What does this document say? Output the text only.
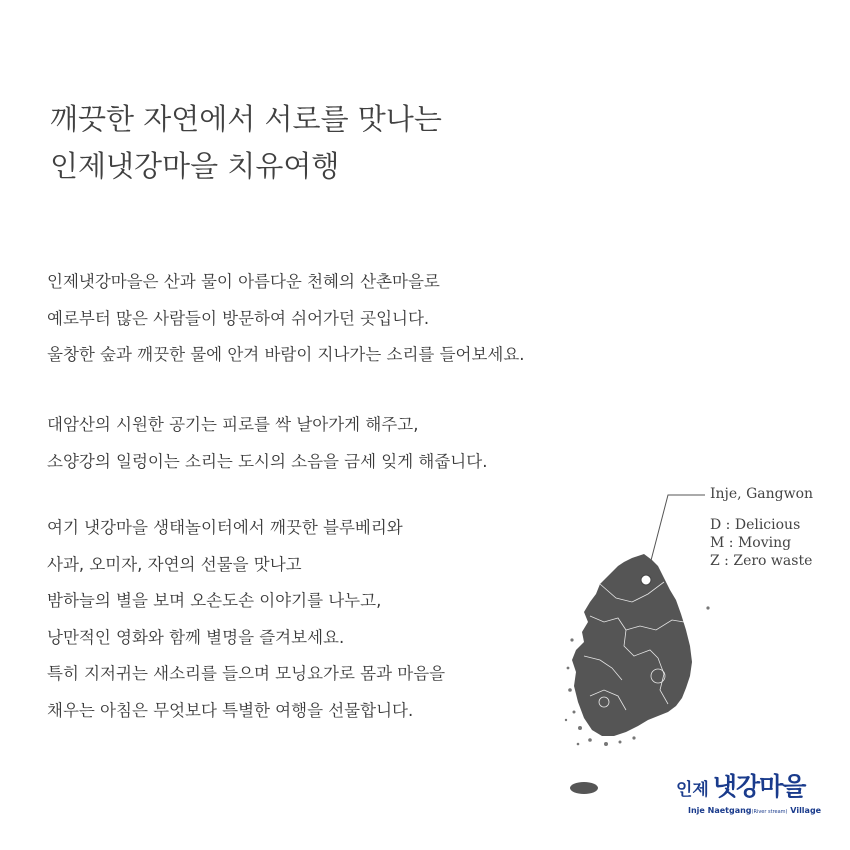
깨끗한 자연에서 서로를 맛나는
인제냇강마을 치유여행

인제냇강마을은 산과 물이 아름다운 천혜의 산촌마을로
예로부터 많은 사람들이 방문하여 쉬어가던 곳입니다.
울창한 숲과 깨끗한 물에 안겨 바람이 지나가는 소리를 들어보세요.

대암산의 시원한 공기는 피로를 싹 날아가게 해주고,
소양강의 일렁이는 소리는 도시의 소음을 금세 잊게 해줍니다.

여기 냇강마을 생태놀이터에서 깨끗한 블루베리와
사과, 오미자, 자연의 선물을 맛나고
밤하늘의 별을 보며 오손도손 이야기를 나누고,
낭만적인 영화와 함께 별명을 즐겨보세요.
특히 지저귀는 새소리를 들으며 모닝요가로 몸과 마음을
채우는 아침은 무엇보다 특별한 여행을 선물합니다.

Inje, Gangwon
D : Delicious
M : Moving
Z : Zero waste
인제 냇강마을
Inje Naetgang(River stream) Village
